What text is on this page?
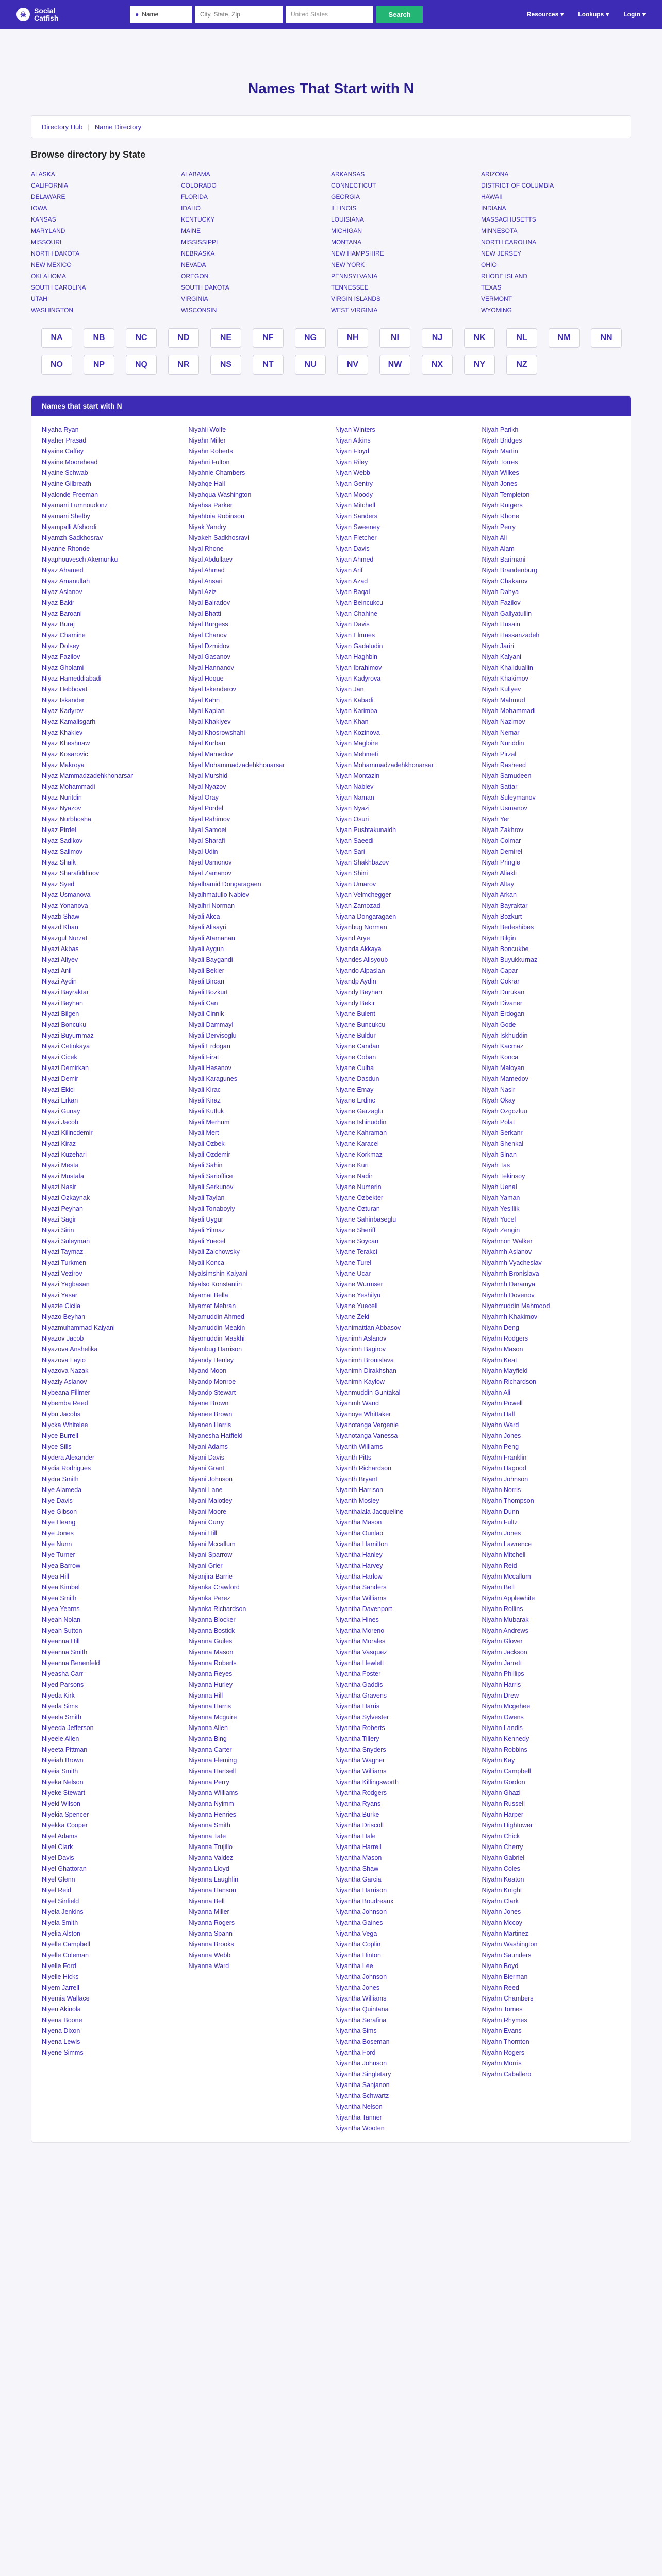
☠	Social
Catfish	● Name
City, State, Zip	United States	Search	Resources ▾ Lookups ▾ Login ▾
Names That Start with N
Directory Hub | Name Directory
Browse directory by State
ALASKA	ALABAMA	ARKANSAS	ARIZONA
CALIFORNIA	COLORADO	CONNECTICUT	DISTRICT OF COLUMBIA
DELAWARE	FLORIDA	GEORGIA	HAWAII
IOWA	IDAHO	ILLINOIS	INDIANA
KANSAS	KENTUCKY	LOUISIANA	MASSACHUSETTS
MARYLAND	MAINE	MICHIGAN	MINNESOTA
MISSOURI	MISSISSIPPI	MONTANA	NORTH CAROLINA
NORTH DAKOTA	NEBRASKA	NEW HAMPSHIRE	NEW JERSEY
NEW MEXICO	NEVADA	NEW YORK	OHIO
OKLAHOMA	OREGON	PENNSYLVANIA	RHODE ISLAND
SOUTH CAROLINA	SOUTH DAKOTA	TENNESSEE	TEXAS
UTAH	VIRGINIA	VIRGIN ISLANDS	VERMONT
WASHINGTON	WISCONSIN	WEST VIRGINIA	WYOMING
NA	NB	NC	ND	NE	NF	NG	NH	NI	NJ	NK	NL	NM	NN
NO	NP	NQ	NR	NS	NT	NU	NV	NW	NX	NY	NZ
Names that start with N
Niyaha Ryan
Niyaher Prasad
Niyaine Caffey
Niyaine Moorehead
Niyaine Schwab
Niyaine Gilbreath
Niyalonde Freeman
Niyamani Lumnoudonz
Niyamani Shelby
Niyampalli Afshordi
Niyamzh Sadkhosrav
Niyanne Rhonde
Niyaphouvesch Akemunku
Niyaz Ahamed
Niyaz Amanullah
Niyaz Aslanov
Niyaz Bakir
Niyaz Baroani
Niyaz Buraj
Niyaz Chamine
Niyaz Dolsey
Niyaz Fazilov
Niyaz Gholami
Niyaz Hameddiabadi
Niyaz Hebbovat
Niyaz Iskander
Niyaz Kadyrov
Niyaz Kamalisgarh
Niyaz Khakiev
Niyaz Kheshnaw
Niyaz Kosarovic
Niyaz Makroya
Niyaz Mammadzadehkhonarsar
Niyaz Mohammadi
Niyaz Nuritdin
Niyaz Nyazov
Niyaz Nurbhosha
Niyaz Pirdel
Niyaz Sadikov
Niyaz Salimov
Niyaz Shaik
Niyaz Sharafiddinov
Niyaz Syed
Niyaz Usmanova
Niyaz Yonanova
Niyazb Shaw
Niyazd Khan
Niyazgul Nurzat
Niyazi Akbas
Niyazi Aliyev
Niyazi Anil
Niyazi Aydin
Niyazi Bayraktar
Niyazi Beyhan
Niyazi Bilgen
Niyazi Boncuku
Niyazi Buyurnmaz
Niyazi Cetinkaya
Niyazi Cicek
Niyazi Demirkan
Niyazi Demir
Niyazi Ekici
Niyazi Erkan
Niyazi Gunay
Niyazi Jacob
Niyazi Kilincdemir
Niyazi Kiraz
Niyazi Kuzehari
Niyazi Mesta
Niyazi Mustafa
Niyazi Nasir
Niyazi Ozkaynak
Niyazi Peyhan
Niyazi Sagir
Niyazi Sirin
Niyazi Suleyman
Niyazi Taymaz
Niyazi Turkmen
Niyazi Vezirov
Niyazi Yagbasan
Niyazi Yasar
Niyazie Cicila
Niyazo Beyhan
Niyazmuhammad Kaiyani
Niyazov Jacob
Niyazova Anshelika
Niyazova Layio
Niyazova Nazak
Niyaziy Aslanov
Niybeana Fillmer
Niybemba Reed
Niybu Jacobs
Niycka Whitelee
Niyce Burrell
Niyce Sills
Niydera Alexander
Niydia Rodrigues
Niydra Smith
Niye Alameda
Niye Davis
Niye Gibson
Niye Heang
Niye Jones
Niye Nunn
Niye Turner
Niyea Barrow
Niyea Hill
Niyea Kimbel
Niyea Smith
Niyea Yearns
Niyeah Nolan
Niyeah Sutton
Niyeanna Hill
Niyeanna Smith
Niyeanna Benenfeld
Niyeasha Carr
Niyed Parsons
Niyeda Kirk
Niyeda Sims
Niyeela Smith
Niyeeda Jefferson
Niyeele Allen
Niyeeta Pittman
Niyeiah Brown
Niyeia Smith
Niyeka Nelson
Niyeke Stewart
Niyeki Wilson
Niyekia Spencer
Niyekka Cooper
Niyel Adams
Niyel Clark
Niyel Davis
Niyel Ghattoran
Niyel Glenn
Niyel Reid
Niyel Sinfield
Niyela Jenkins
Niyela Smith
Niyelia Alston
Niyelle Campbell
Niyelle Coleman
Niyelle Ford
Niyelle Hicks
Niyem Jarrell
Niyemia Wallace
Niyen Akinola
Niyena Boone
Niyena Dixon
Niyena Lewis
Niyene Simms
Niyahli Wolfe
Niyahn Miller
Niyahn Roberts
Niyahni Fulton
Niyahnie Chambers
Niyahqe Hall
Niyahqua Washington
Niyahsa Parker
Niyahtoia Robinson
Niyak Yandry
Niyakeh Sadkhosravi
Niyal Rhone
Niyal Abdullaev
Niyal Ahmad
Niyal Ansari
Niyal Aziz
Niyal Balradov
Niyal Bhatti
Niyal Burgess
Niyal Chanov
Niyal Dzmidov
Niyal Gasanov
Niyal Hannanov
Niyal Hoque
Niyal Iskenderov
Niyal Kahn
Niyal Kaplan
Niyal Khakiyev
Niyal Khosrowshahi
Niyal Kurban
Niyal Mamedov
Niyal Mohammadzadehkhonarsar
Niyal Murshid
Niyal Nyazov
Niyal Oray
Niyal Pordel
Niyal Rahimov
Niyal Samoei
Niyal Sharafi
Niyal Udin
Niyal Usmonov
Niyal Zamanov
Niyalhamid Dongaragaen
Niyalhmatullo Nabiev
Niyalhri Norman
Niyali Akca
Niyali Alisayri
Niyali Atamanan
Niyali Aygun
Niyali Baygandi
Niyali Bekler
Niyali Bircan
Niyali Bozkurt
Niyali Can
Niyali Cinnik
Niyali Dammayl
Niyali Dervisoglu
Niyali Erdogan
Niyali Firat
Niyali Hasanov
Niyali Karagunes
Niyali Kirac
Niyali Kiraz
Niyali Kutluk
Niyali Merhum
Niyali Mert
Niyali Ozbek
Niyali Ozdemir
Niyali Sahin
Niyali Sarioffice
Niyali Serkunov
Niyali Taylan
Niyali Tonaboyly
Niyali Uygur
Niyali Yilmaz
Niyali Yuecel
Niyali Zaichowsky
Niyali Konca
Niyalsimshin Kaiyani
Niyalso Konstantin
Niyamat Bella
Niyamat Mehran
Niyamuddin Ahmed
Niyamuddin Meakin
Niyamuddin Maskhi
Niyanbug Harrison
Niyandy Henley
Niyand Moon
Niyandp Monroe
Niyandp Stewart
Niyane Brown
Niyanee Brown
Niyanen Harris
Niyanesha Hatfield
Niyani Adams
Niyani Davis
Niyani Grant
Niyani Johnson
Niyani Lane
Niyani Malotley
Niyani Moore
Niyani Curry
Niyani Hill
Niyani Mccallum
Niyani Sparrow
Niyani Grier
Niyanjira Barrie
Niyanka Crawford
Niyanka Perez
Niyanka Richardson
Niyanna Blocker
Niyanna Bostick
Niyanna Guiles
Niyanna Mason
Niyanna Roberts
Niyanna Reyes
Niyanna Hurley
Niyanna Hill
Niyanna Harris
Niyanna Mcguire
Niyanna Allen
Niyanna Bing
Niyanna Carter
Niyanna Fleming
Niyanna Hartsell
Niyanna Perry
Niyanna Williams
Niyanna Nyimm
Niyanna Henries
Niyanna Smith
Niyanna Tate
Niyanna Trujillo
Niyanna Valdez
Niyanna Lloyd
Niyanna Laughlin
Niyanna Hanson
Niyanna Bell
Niyanna Miller
Niyanna Rogers
Niyanna Spann
Niyanna Brooks
Niyanna Webb
Niyanna Ward
Niyan Winters
Niyan Atkins
Niyan Floyd
Niyan Riley
Niyan Webb
Niyan Gentry
Niyan Moody
Niyan Mitchell
Niyan Sanders
Niyan Sweeney
Niyan Fletcher
Niyan Davis
Niyan Ahmed
Niyan Arif
Niyan Azad
Niyan Baqal
Niyan Beincukcu
Niyan Chahine
Niyan Davis
Niyan Elmnes
Niyan Gadaludin
Niyan Haghbin
Niyan Ibrahimov
Niyan Kadyrova
Niyan Jan
Niyan Kabadi
Niyan Karimba
Niyan Khan
Niyan Kozinova
Niyan Magloire
Niyan Mehmeti
Niyan Mohammadzadehkhonarsar
Niyan Montazin
Niyan Nabiev
Niyan Naman
Niyan Nyazi
Niyan Osuri
Niyan Pushtakunaidh
Niyan Saeedi
Niyan Sari
Niyan Shakhbazov
Niyan Shini
Niyan Umarov
Niyan Velmchegger
Niyan Zamozad
Niyana Dongaragaen
Niyanbug Norman
Niyand Arye
Niyanda Akkaya
Niyandes Alisyoub
Niyando Alpaslan
Niyandp Aydin
Niyandy Beyhan
Niyandy Bekir
Niyane Bulent
Niyane Buncukcu
Niyane Buldur
Niyane Candan
Niyane Coban
Niyane Culha
Niyane Dasdun
Niyane Emay
Niyane Erdinc
Niyane Garzaglu
Niyane Ishinuddin
Niyane Kahraman
Niyane Karacel
Niyane Korkmaz
Niyane Kurt
Niyane Nadir
Niyane Numerin
Niyane Ozbekter
Niyane Ozturan
Niyane Sahinbaseglu
Niyane Sheriff
Niyane Soycan
Niyane Terakci
Niyane Turel
Niyane Ucar
Niyane Wurmser
Niyane Yeshilyu
Niyane Yuecell
Niyane Zeki
Niyanimattian Abbasov
Niyanimh Aslanov
Niyanimh Bagirov
Niyanimh Bronislava
Niyanimh Dirakhshan
Niyanimh Kaylow
Niyanmuddin Guntakal
Niyanmh Wand
Niyanoye Whittaker
Niyanotanga Vergenie
Niyanotanga Vanessa
Niyanth Williams
Niyanth Pitts
Niyanth Richardson
Niyanth Bryant
Niyanth Harrison
Niyanth Mosley
Niyanthalala Jacqueline
Niyantha Mason
Niyantha Ounlap
Niyantha Hamilton
Niyantha Hanley
Niyantha Harvey
Niyantha Harlow
Niyantha Sanders
Niyantha Williams
Niyantha Davenport
Niyantha Hines
Niyantha Moreno
Niyantha Morales
Niyantha Vasquez
Niyantha Hewlett
Niyantha Foster
Niyantha Gaddis
Niyantha Gravens
Niyantha Harris
Niyantha Sylvester
Niyantha Roberts
Niyantha Tillery
Niyantha Snyders
Niyantha Wagner
Niyantha Williams
Niyantha Killingsworth
Niyantha Rodgers
Niyantha Ryans
Niyantha Burke
Niyantha Driscoll
Niyantha Hale
Niyantha Harrell
Niyantha Mason
Niyantha Shaw
Niyantha Garcia
Niyantha Harrison
Niyantha Boudreaux
Niyantha Johnson
Niyantha Gaines
Niyantha Vega
Niyantha Coplin
Niyantha Hinton
Niyantha Lee
Niyantha Johnson
Niyantha Jones
Niyantha Williams
Niyantha Quintana
Niyantha Serafina
Niyantha Sims
Niyantha Boseman
Niyantha Ford
Niyantha Johnson
Niyantha Singletary
Niyantha Sanjanon
Niyantha Schwartz
Niyantha Nelson
Niyantha Tanner
Niyantha Wooten
Niyah Parikh
Niyah Bridges
Niyah Martin
Niyah Torres
Niyah Wilkes
Niyah Jones
Niyah Templeton
Niyah Rutgers
Niyah Rhone
Niyah Perry
Niyah Ali
Niyah Alam
Niyah Barimani
Niyah Brandenburg
Niyah Chakarov
Niyah Dahya
Niyah Fazilov
Niyah Gallyatullin
Niyah Husain
Niyah Hassanzadeh
Niyah Jariri
Niyah Kalyani
Niyah Khaliduallin
Niyah Khakimov
Niyah Kuliyev
Niyah Mahmud
Niyah Mohammadi
Niyah Nazimov
Niyah Nemar
Niyah Nuriddin
Niyah Pirzal
Niyah Rasheed
Niyah Samudeen
Niyah Sattar
Niyah Suleymanov
Niyah Usmanov
Niyah Yer
Niyah Zakhrov
Niyah Colmar
Niyah Demirel
Niyah Pringle
Niyah Aliakli
Niyah Altay
Niyah Arkan
Niyah Bayraktar
Niyah Bozkurt
Niyah Bedeshibes
Niyah Bilgin
Niyah Boncukbe
Niyah Buyukkurnaz
Niyah Capar
Niyah Cokrar
Niyah Durukan
Niyah Divaner
Niyah Erdogan
Niyah Gode
Niyah Iskhuddin
Niyah Kacmaz
Niyah Konca
Niyah Maloyan
Niyah Mamedov
Niyah Nasir
Niyah Okay
Niyah Ozgozluu
Niyah Polat
Niyah Serkanr
Niyah Shenkal
Niyah Sinan
Niyah Tas
Niyah Tekinsoy
Niyah Uenal
Niyah Yaman
Niyah Yesillik
Niyah Yucel
Niyah Zengin
Niyahmon Walker
Niyahmh Aslanov
Niyahmh Vyacheslav
Niyahmh Bronislava
Niyahmh Daramya
Niyahmh Dovenov
Niyahmuddin Mahmood
Niyahmh Khakimov
Niyahn Deng
Niyahn Rodgers
Niyahn Mason
Niyahn Keat
Niyahn Mayfield
Niyahn Richardson
Niyahn Ali
Niyahn Powell
Niyahn Hall
Niyahn Ward
Niyahn Jones
Niyahn Peng
Niyahn Franklin
Niyahn Hagood
Niyahn Johnson
Niyahn Norris
Niyahn Thompson
Niyahn Dunn
Niyahn Fultz
Niyahn Jones
Niyahn Lawrence
Niyahn Mitchell
Niyahn Reid
Niyahn Mccallum
Niyahn Bell
Niyahn Applewhite
Niyahn Rollins
Niyahn Mubarak
Niyahn Andrews
Niyahn Glover
Niyahn Jackson
Niyahn Jarrett
Niyahn Phillips
Niyahn Harris
Niyahn Drew
Niyahn Mcgehee
Niyahn Owens
Niyahn Landis
Niyahn Kennedy
Niyahn Robbins
Niyahn Kay
Niyahn Campbell
Niyahn Gordon
Niyahn Ghazi
Niyahn Russell
Niyahn Harper
Niyahn Hightower
Niyahn Chick
Niyahn Cherry
Niyahn Gabriel
Niyahn Coles
Niyahn Keaton
Niyahn Knight
Niyahn Clark
Niyahn Jones
Niyahn Mccoy
Niyahn Martinez
Niyahn Washington
Niyahn Saunders
Niyahn Boyd
Niyahn Bierman
Niyahn Reed
Niyahn Chambers
Niyahn Tomes
Niyahn Rhymes
Niyahn Evans
Niyahn Thornton
Niyahn Rogers
Niyahn Morris
Niyahn Caballero
